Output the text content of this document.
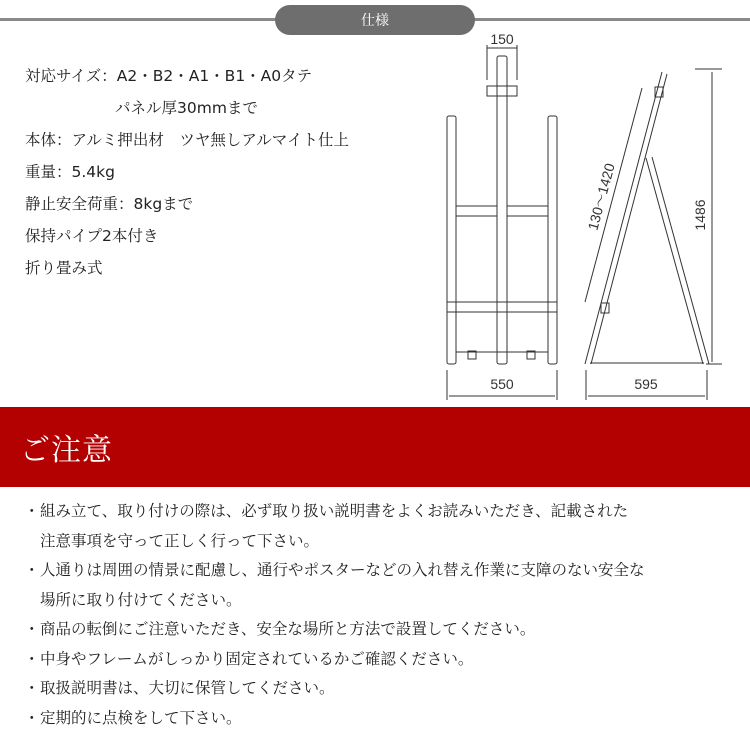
仕様
対応サイズ：A2・B2・A1・B1・A0タテ
パネル厚30mmまで
本体：アルミ押出材　ツヤ無しアルマイト仕上
重量：5.4kg
静止安全荷重：8kgまで
保持パイプ2本付き
折り畳み式
150
550
130〜1420	1486
595
ご注意
・ 組み立て、取り付けの際は、必ず取り扱い説明書をよくお読みいただき、記載された
注意事項を守って正しく行って下さい。
・ 人通りは周囲の情景に配慮し、通行やポスターなどの入れ替え作業に支障のない安全な
場所に取り付けてください。
・ 商品の転倒にご注意いただき、安全な場所と方法で設置してください。
・ 中身やフレームがしっかり固定されているかご確認ください。
・ 取扱説明書は、大切に保管してください。
・ 定期的に点検をして下さい。
